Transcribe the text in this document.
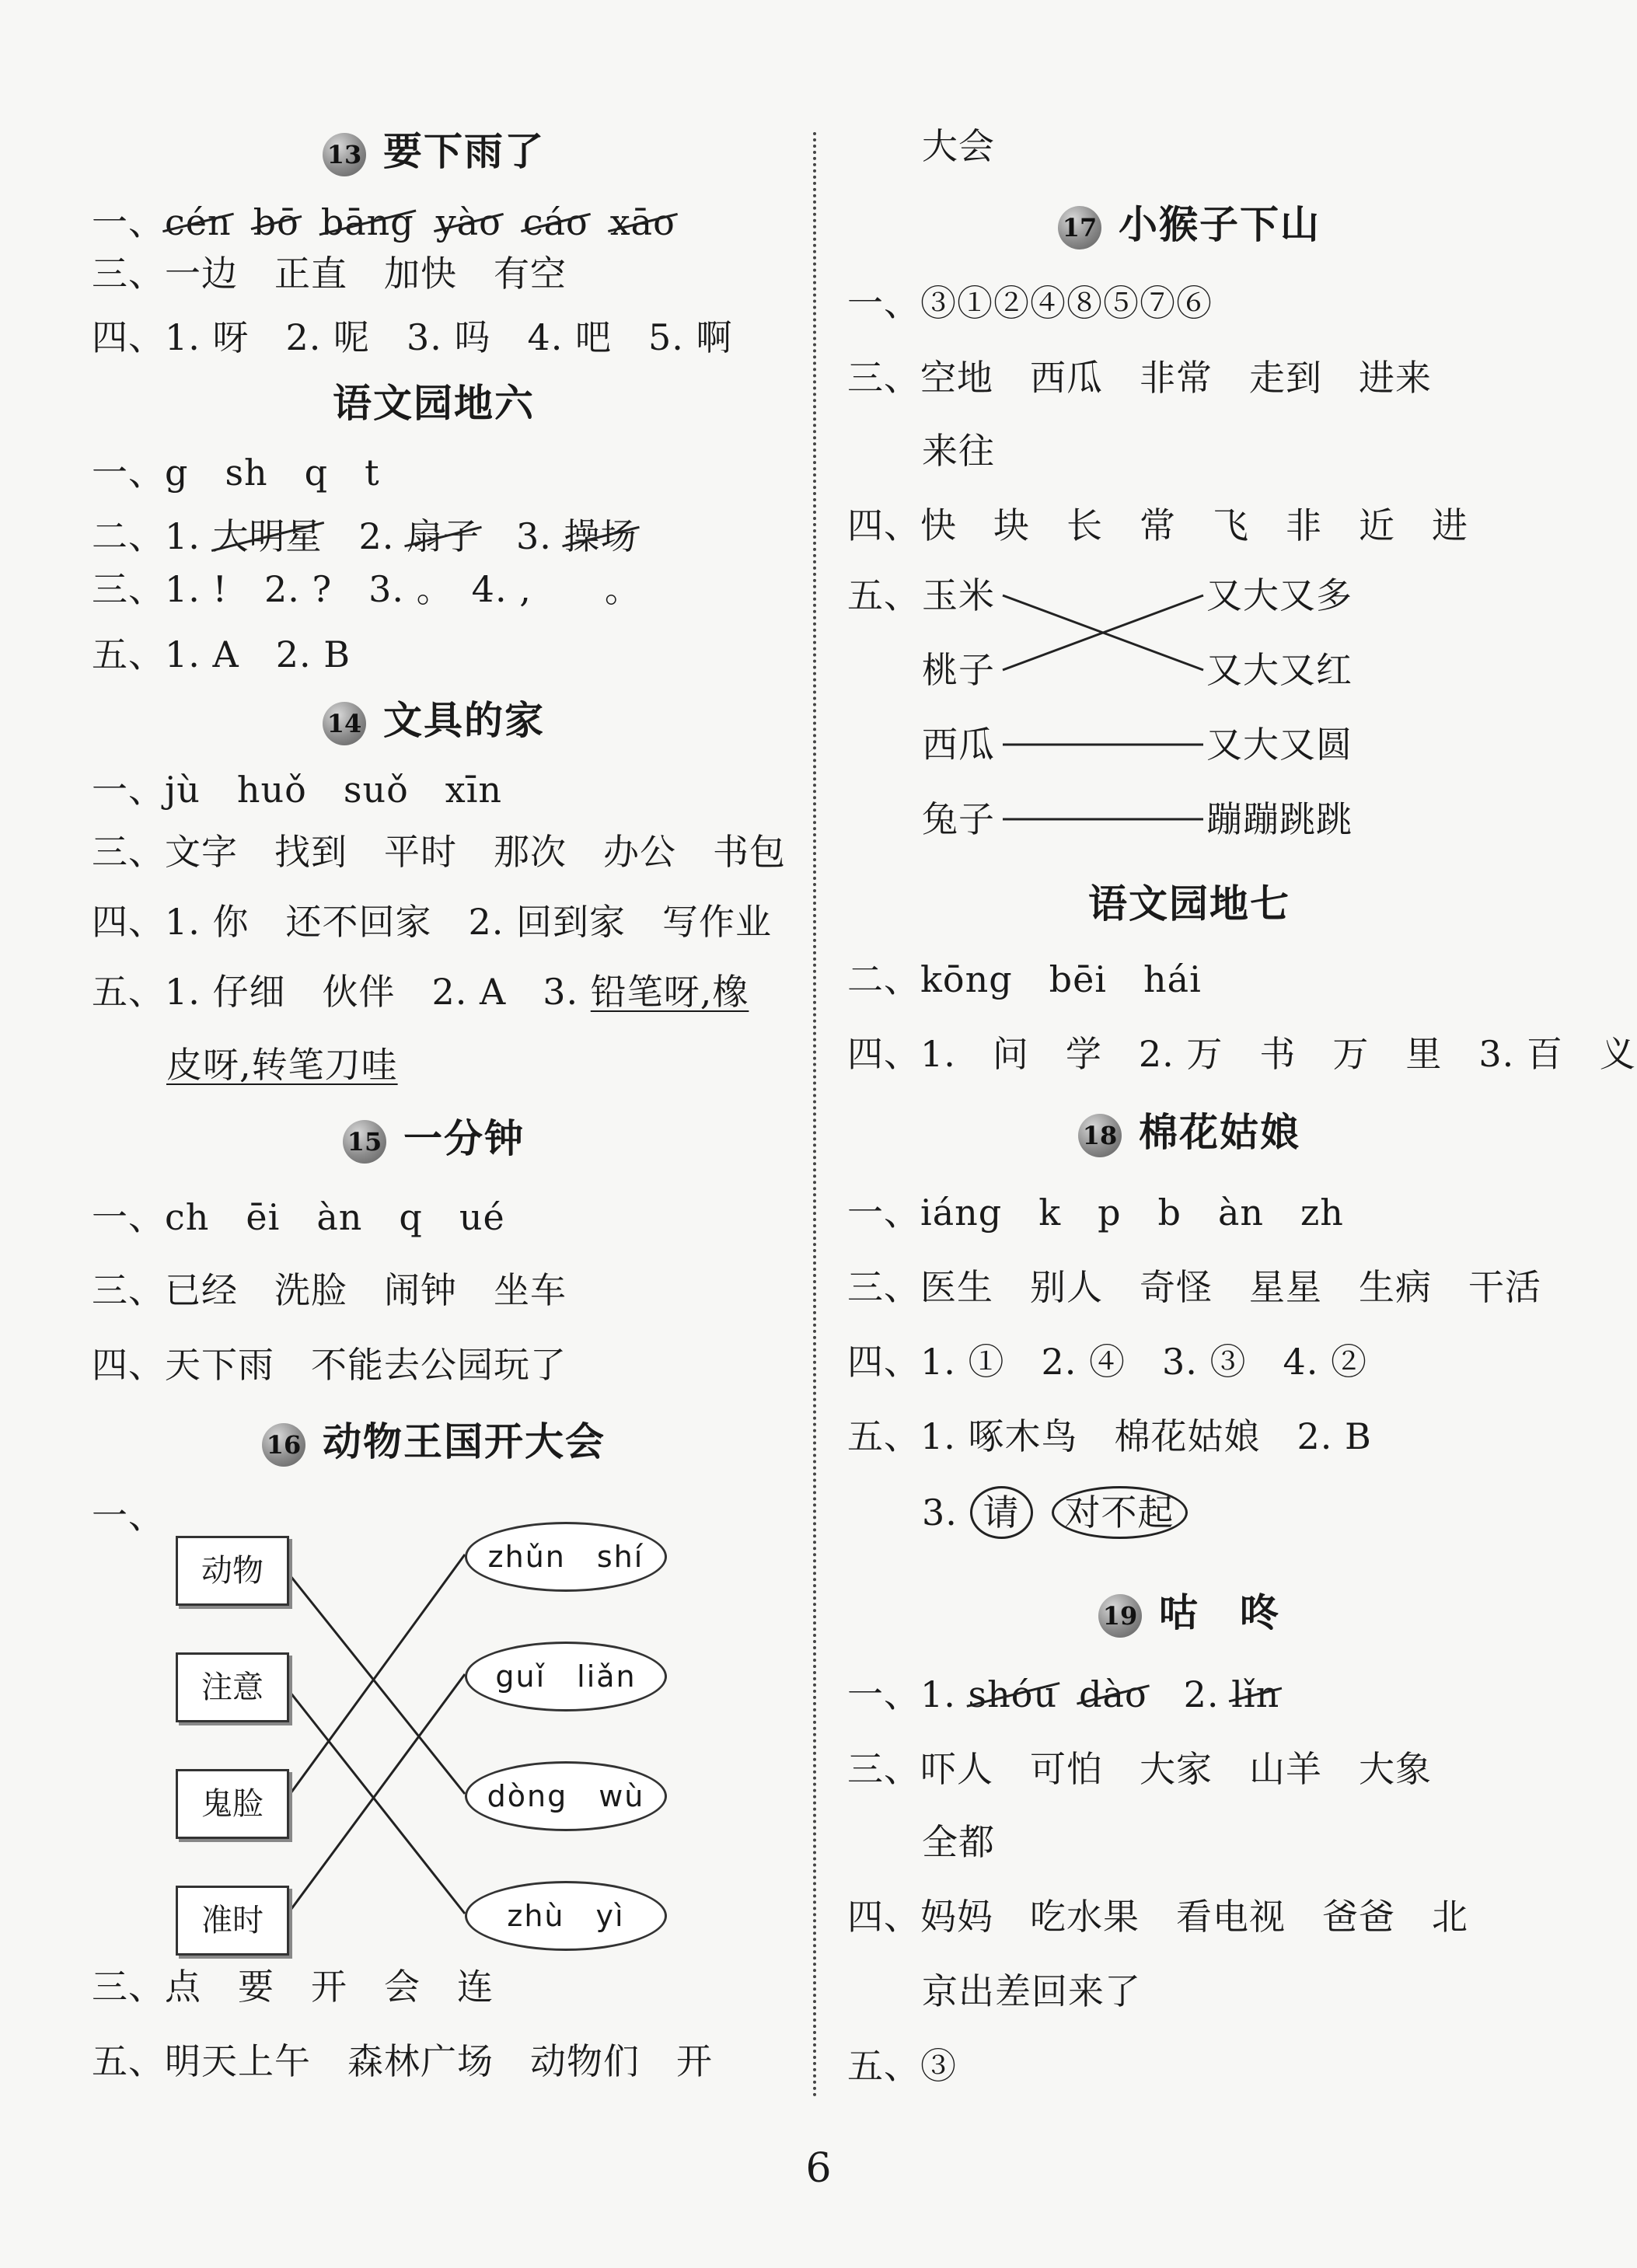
13 要下雨了
一、cén bō bāng yào cáo xāo
三、一边　正直　加快　有空
四、1. 呀　2. 呢　3. 吗　4. 吧　5. 啊
语文园地六
一、g　sh　q　t
二、1. 大明星　2. 扇子　3. 操场
三、1. !　2. ?　3. 。　4. ,　　。
五、1. A　2. B
14 文具的家
一、jù　huǒ　suǒ　xīn
三、文字　找到　平时　那次　办公　书包
四、1. 你　还不回家　2. 回到家　写作业
五、1. 仔细　伙伴　2. A　3. 铅笔呀,橡
皮呀,转笔刀哇
15 一分钟
一、ch　ēi　àn　q　ué
三、已经　洗脸　闹钟　坐车
四、天下雨　不能去公园玩了
16 动物王国开大会
一、
动物
注意
鬼脸
准时
zhǔn　shí
guǐ　liǎn
dòng　wù
zhù　yì
三、点　要　开　会　连
五、明天上午　森林广场　动物们　开
大会
17 小猴子下山
一、③①②④⑧⑤⑦⑥
三、空地　西瓜　非常　走到　进来
来往
四、快　块　长　常　飞　非　近　进
五、 玉米
桃子
西瓜
兔子
又大又多
又大又红
又大又圆
蹦蹦跳跳
语文园地七
二、kōng　bēi　hái
四、1.　问　学　2. 万　书　万　里　3. 百　义
18 棉花姑娘
一、iáng　k　p　b　àn　zh
三、医生　别人　奇怪　星星　生病　干活
四、1. ①　2. ④　3. ③　4. ②
五、1. 啄木鸟　棉花姑娘　2. B
3. 请 对不起
19 咕　咚
一、1. shóu dào　2. lǐn
三、吓人　可怕　大家　山羊　大象
全都
四、妈妈　吃水果　看电视　爸爸　北
京出差回来了
五、③
6
